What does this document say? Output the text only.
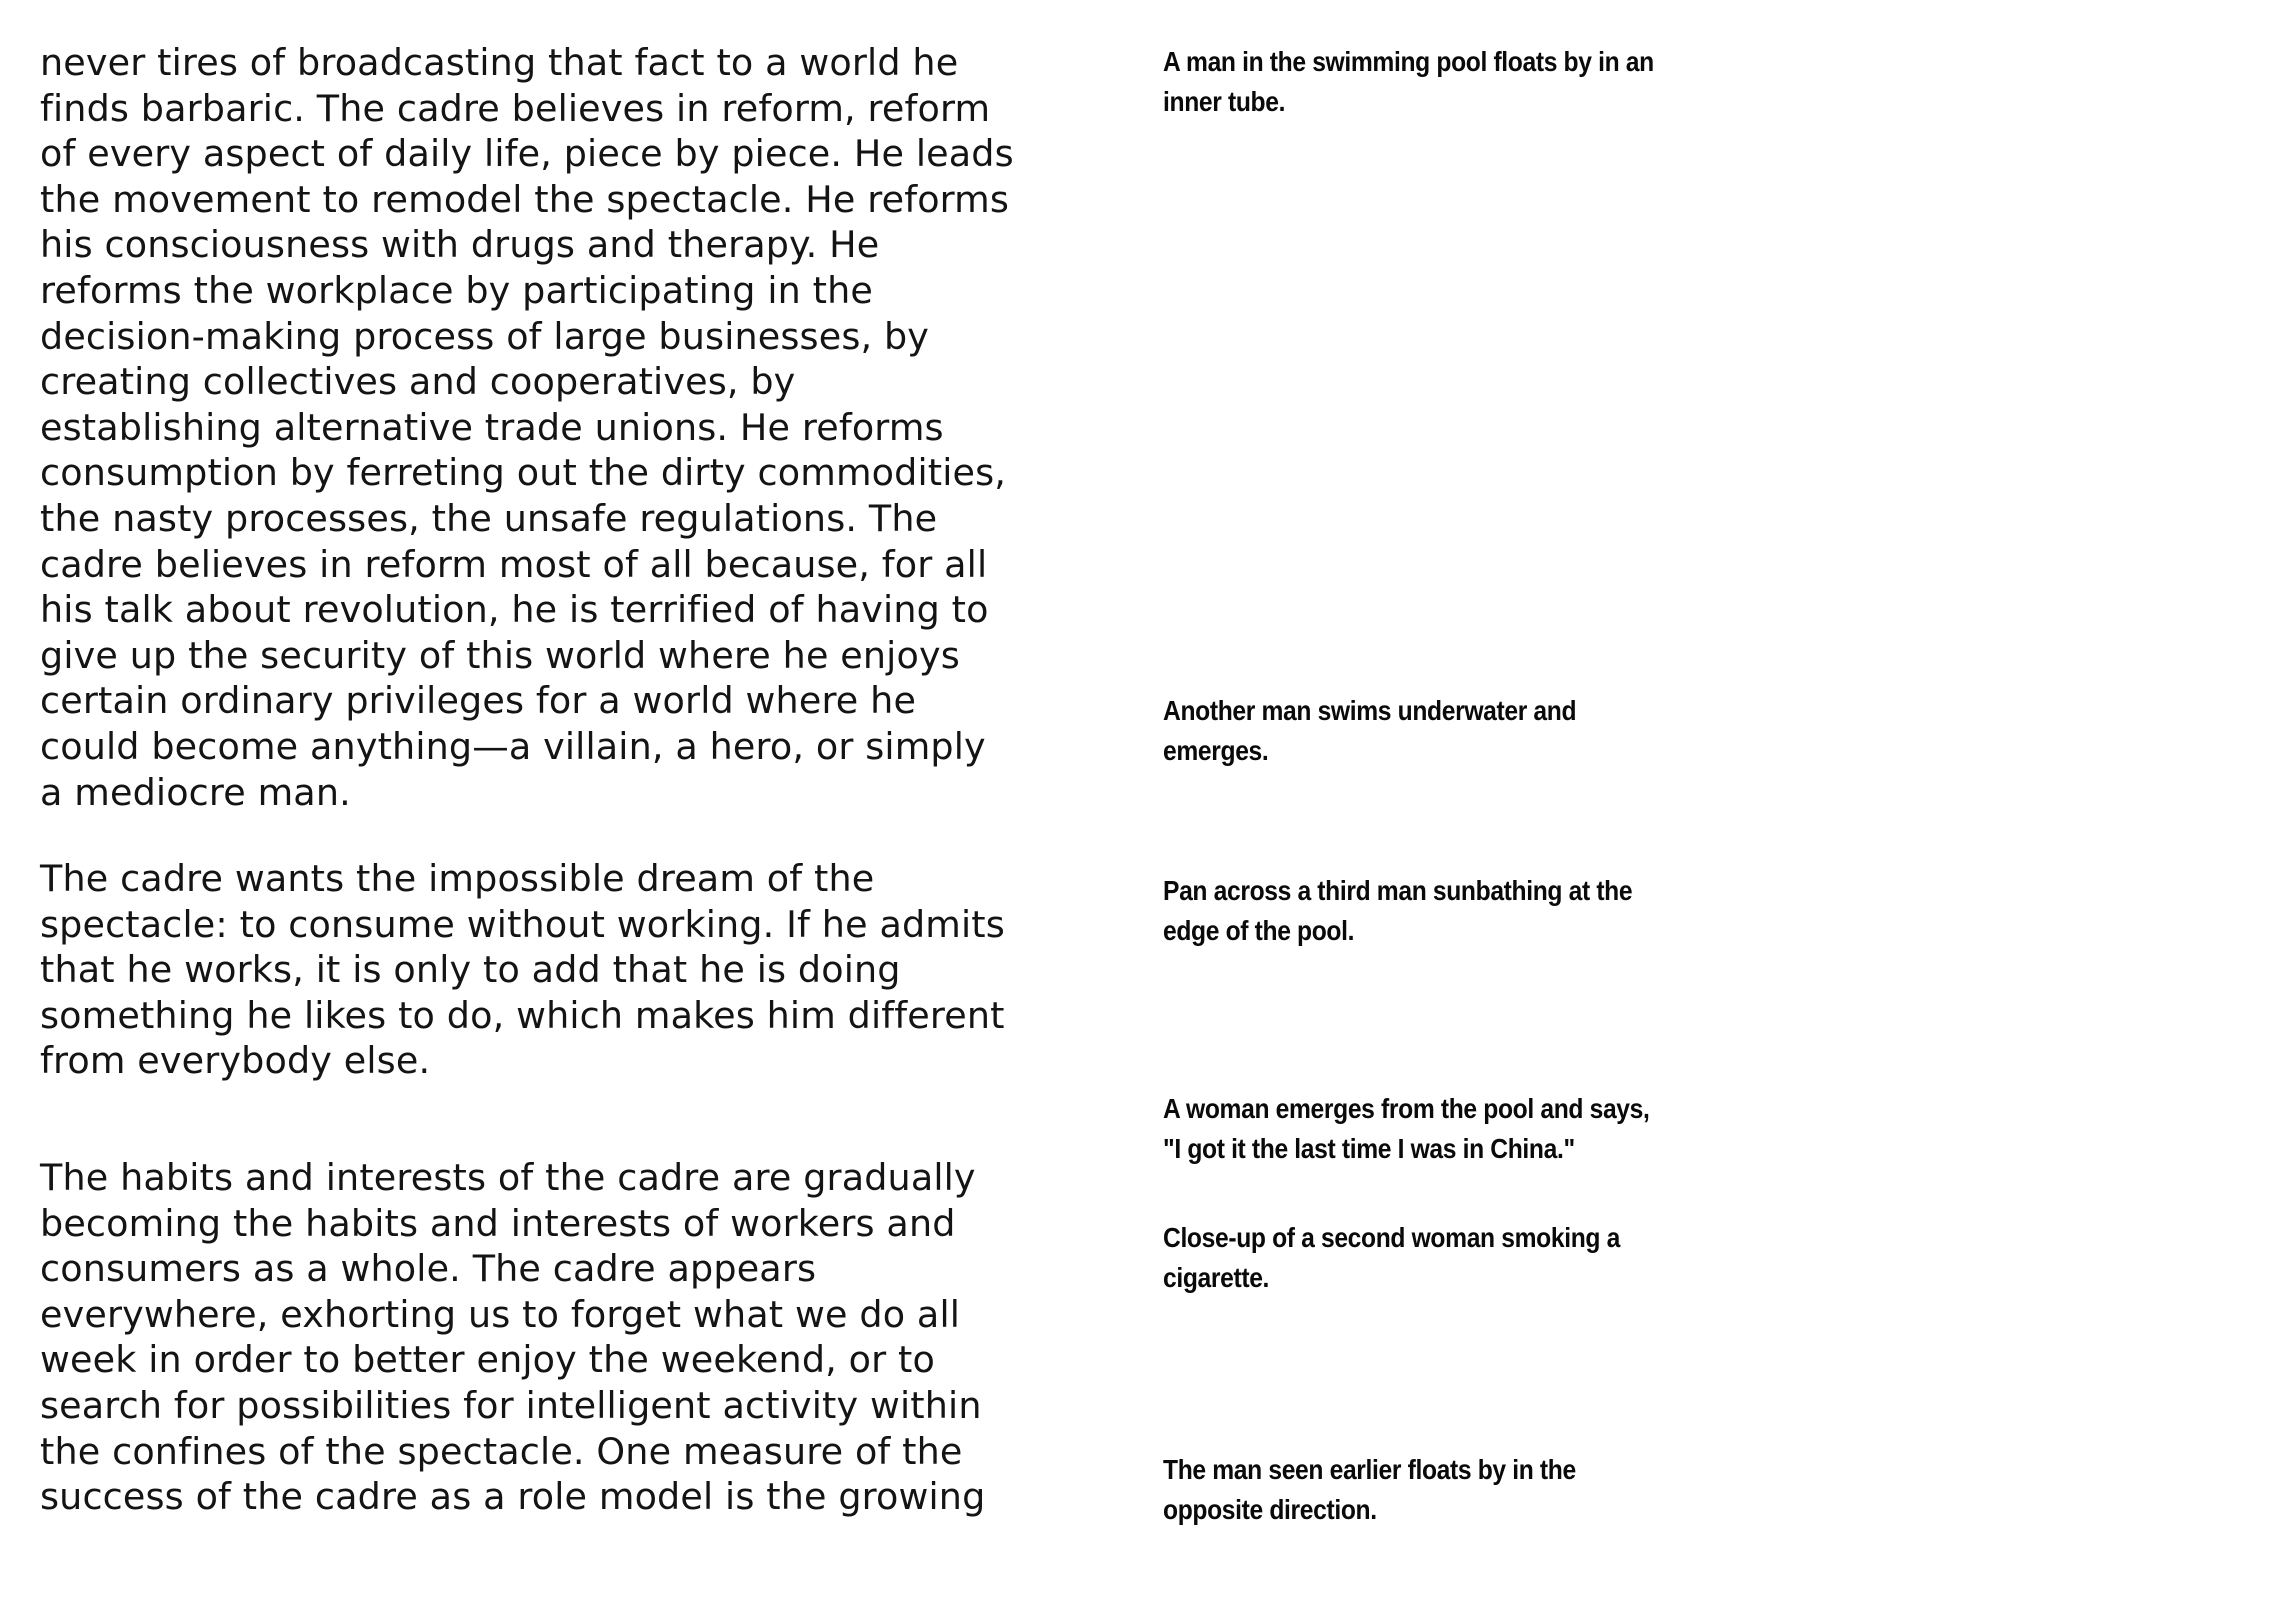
never tires of broadcasting that fact to a world he
finds barbaric. The cadre believes in reform, reform
of every aspect of daily life, piece by piece. He leads
the movement to remodel the spectacle. He reforms
his consciousness with drugs and therapy. He
reforms the workplace by participating in the
decision-making process of large businesses, by
creating collectives and cooperatives, by
establishing alternative trade unions. He reforms
consumption by ferreting out the dirty commodities,
the nasty processes, the unsafe regulations. The
cadre believes in reform most of all because, for all
his talk about revolution, he is terrified of having to
give up the security of this world where he enjoys
certain ordinary privileges for a world where he
could become anything—a villain, a hero, or simply
a mediocre man.

The cadre wants the impossible dream of the
spectacle: to consume without working. If he admits
that he works, it is only to add that he is doing
something he likes to do, which makes him different
from everybody else.

The habits and interests of the cadre are gradually
becoming the habits and interests of workers and
consumers as a whole. The cadre appears
everywhere, exhorting us to forget what we do all
week in order to better enjoy the weekend, or to
search for possibilities for intelligent activity within
the confines of the spectacle. One measure of the
success of the cadre as a role model is the growing

A man in the swimming pool floats by in an
inner tube.

Another man swims underwater and
emerges.

Pan across a third man sunbathing at the
edge of the pool.

A woman emerges from the pool and says,
"I got it the last time I was in China."

Close-up of a second woman smoking a
cigarette.

The man seen earlier floats by in the
opposite direction.
